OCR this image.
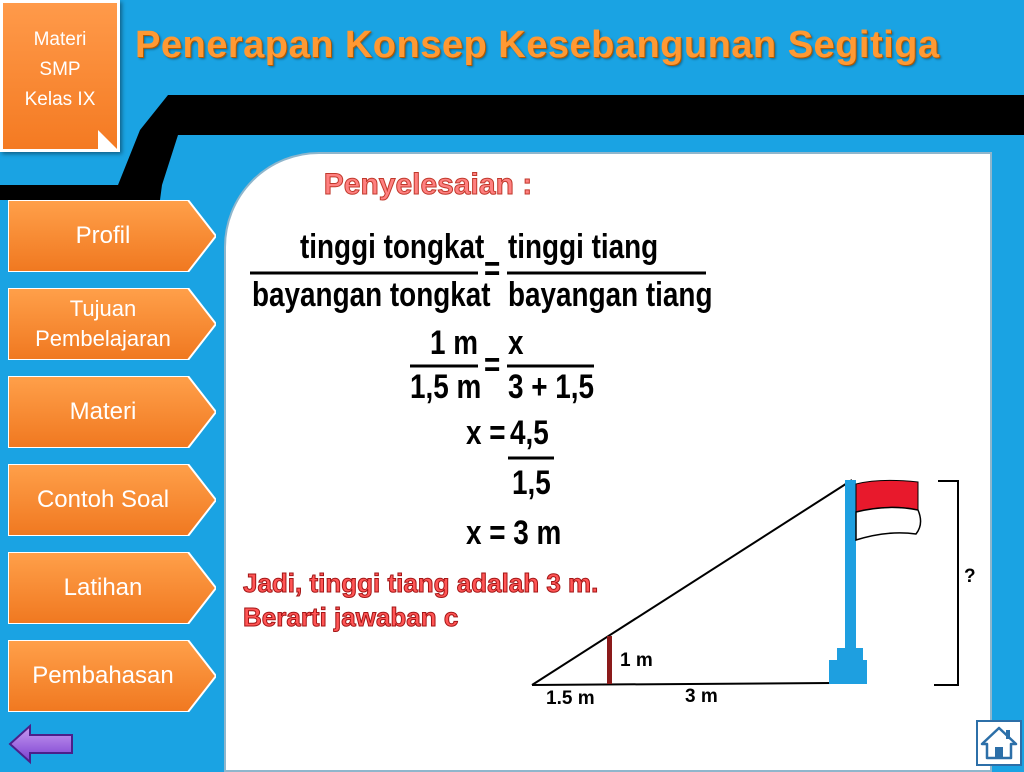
Materi
SMP
Kelas IX
Penerapan Konsep Kesebangunan Segitiga
Profil
Tujuan
Pembelajaran
Materi
Contoh Soal
Latihan
Pembahasan
Penyelesaian :
tinggi tongkat
bayangan tongkat
=
tinggi tiang
bayangan tiang
1 m
1,5 m
=
x
3 + 1,5
x = 4,5
1,5
x = 3 m
Jadi, tinggi tiang adalah 3 m.
Berarti jawaban c
1 m
1.5 m	3 m
?
